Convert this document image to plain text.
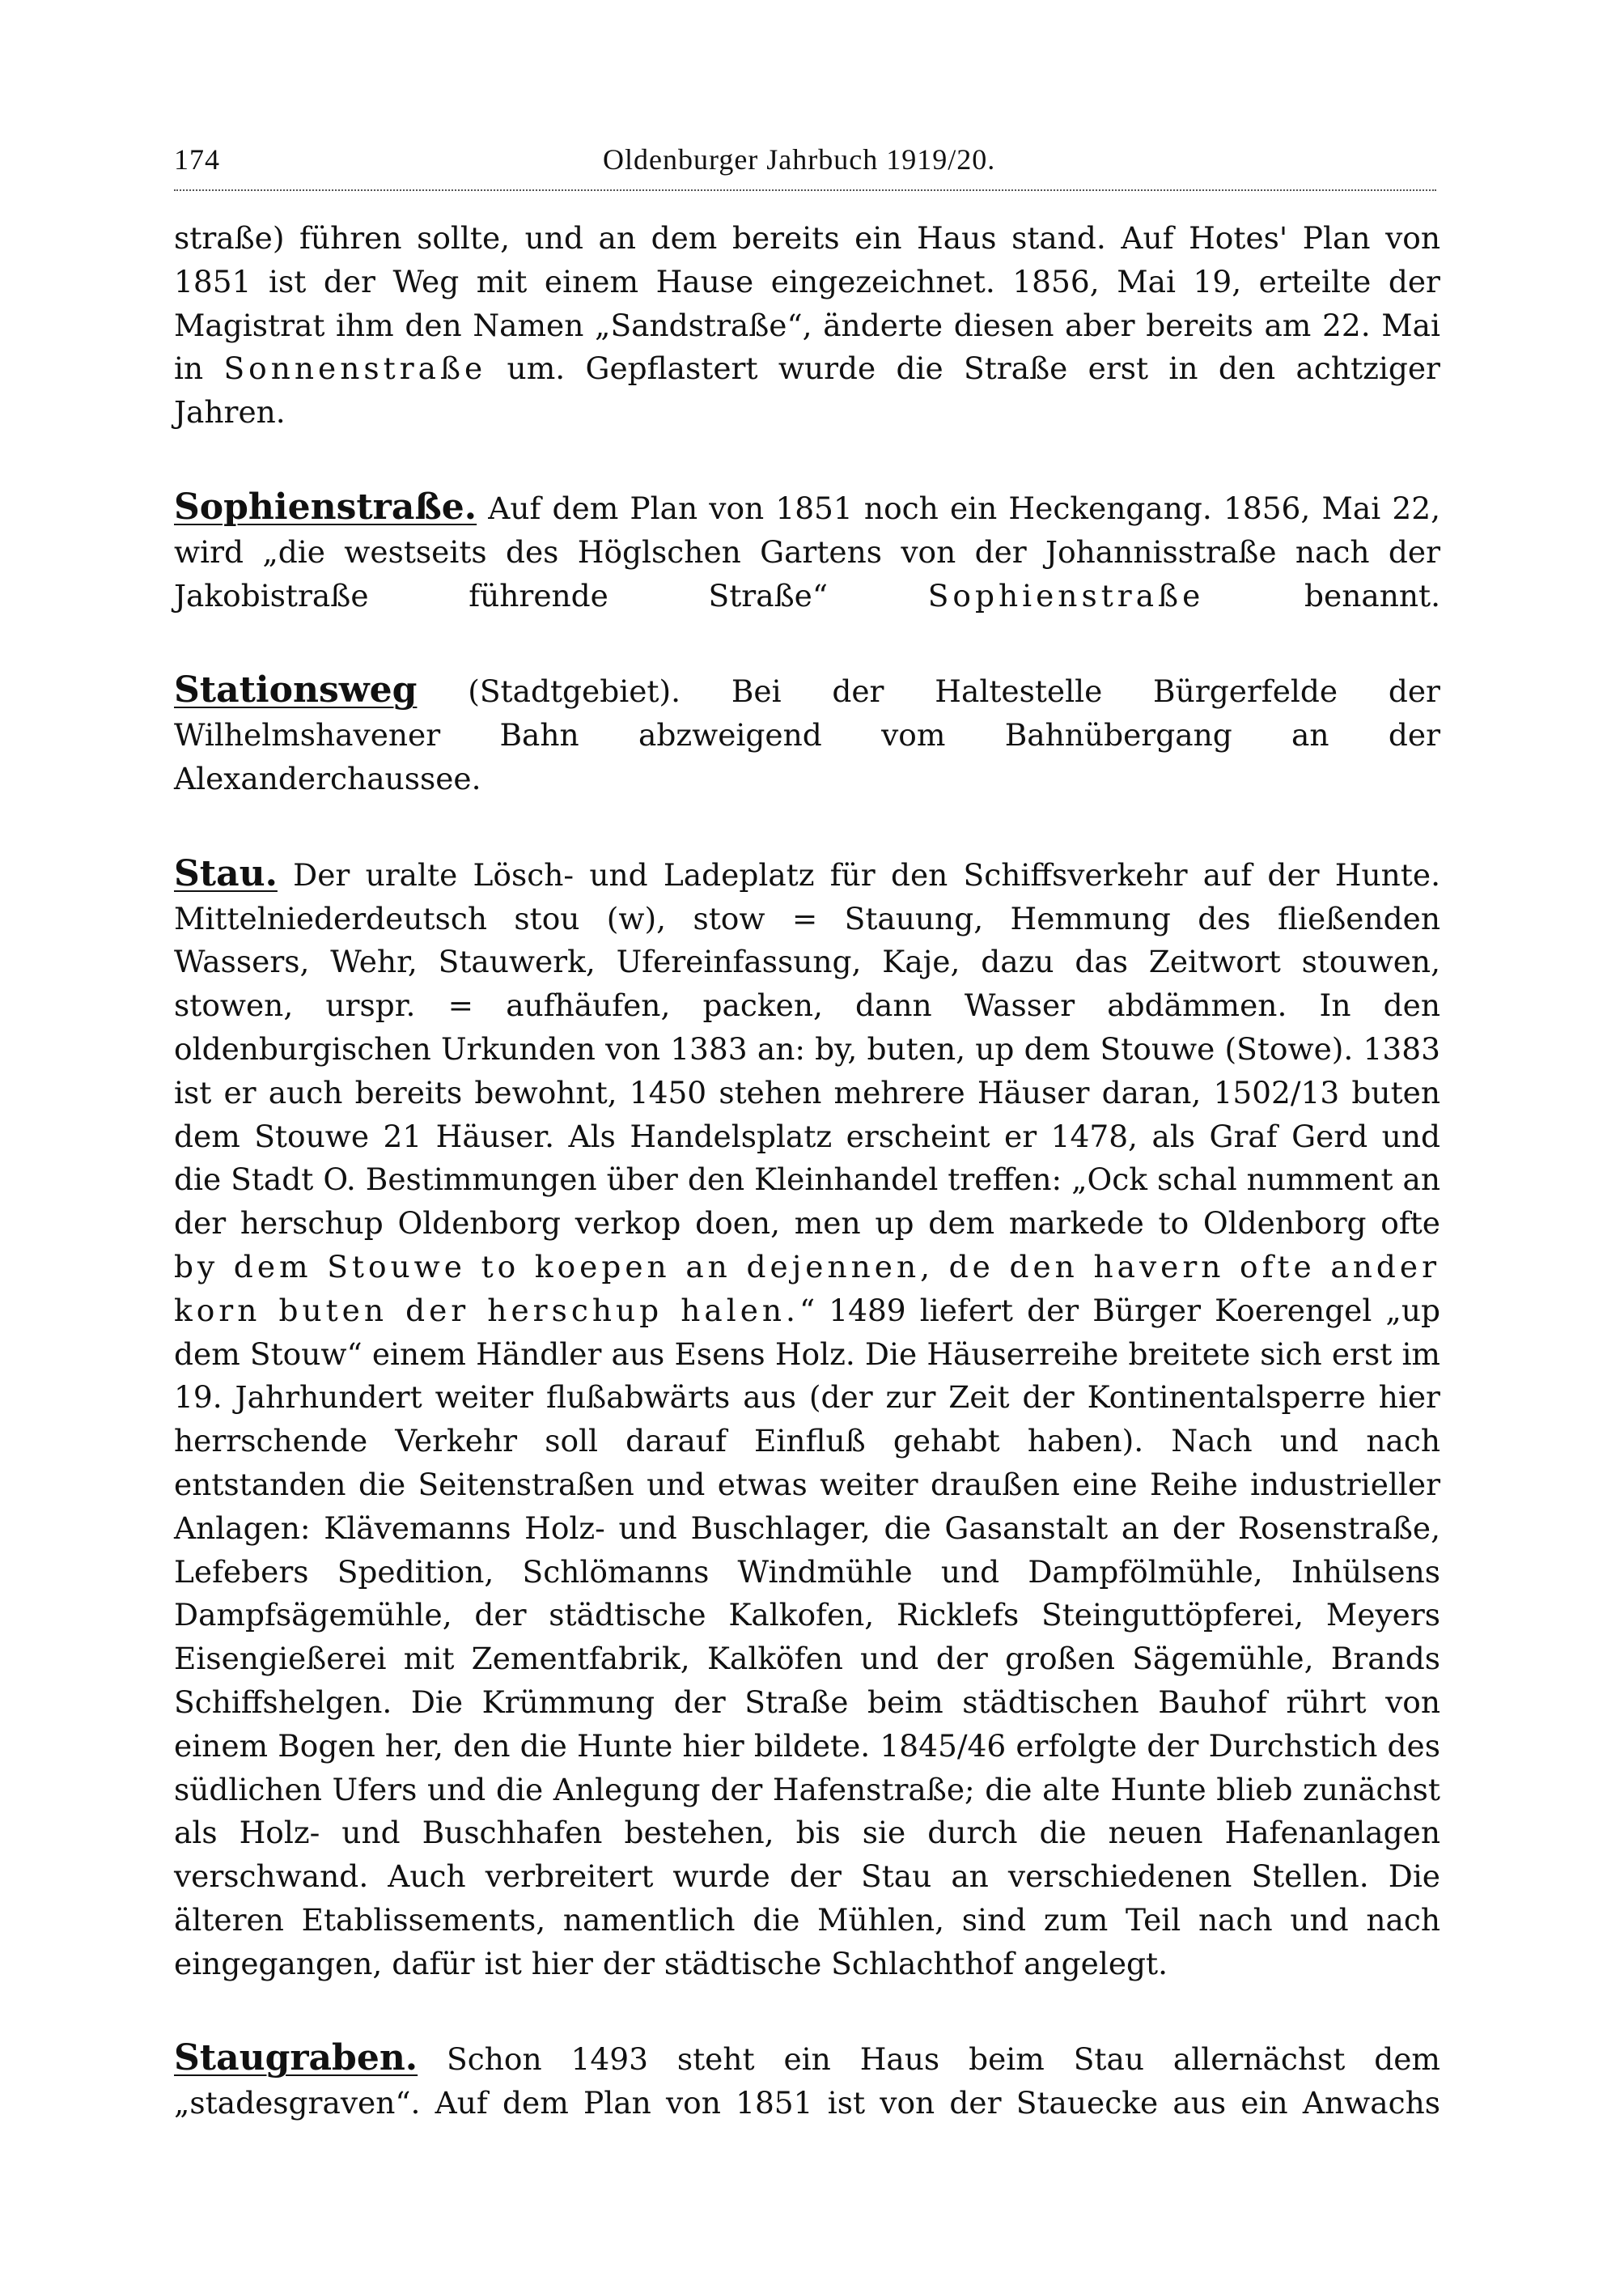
174	Oldenburger Jahrbuch 1919/20.

straße) führen sollte, und an dem bereits ein Haus stand. Auf Hotes' Plan von 1851 ist der Weg mit einem Hause eingezeichnet. 1856, Mai 19, erteilte der Magistrat ihm den Namen „Sandstraße“, änderte diesen aber bereits am 22. Mai in Sonnenstraße um. Gepflastert wurde die Straße erst in den achtziger Jahren.

Sophienstraße. Auf dem Plan von 1851 noch ein Heckengang. 1856, Mai 22, wird „die westseits des Höglschen Gartens von der Johannisstraße nach der Jakobistraße führende Straße“ Sophienstraße benannt.

Stationsweg (Stadtgebiet). Bei der Haltestelle Bürgerfelde der Wilhelmshavener Bahn abzweigend vom Bahnübergang an der Alexanderchaussee.

Stau. Der uralte Lösch- und Ladeplatz für den Schiffsverkehr auf der Hunte. Mittelniederdeutsch stou (w), stow = Stauung, Hemmung des fließenden Wassers, Wehr, Stauwerk, Ufereinfassung, Kaje, dazu das Zeitwort stouwen, stowen, urspr. = aufhäufen, packen, dann Wasser abdämmen. In den oldenburgischen Urkunden von 1383 an: by, buten, up dem Stouwe (Stowe). 1383 ist er auch bereits bewohnt, 1450 stehen mehrere Häuser daran, 1502/13 buten dem Stouwe 21 Häuser. Als Handelsplatz erscheint er 1478, als Graf Gerd und die Stadt O. Bestimmungen über den Kleinhandel treffen: „Ock schal numment an der herschup Oldenborg verkop doen, men up dem markede to Oldenborg ofte by dem Stouwe to koepen an dejennen, de den havern ofte ander korn buten der herschup halen.“ 1489 liefert der Bürger Koerengel „up dem Stouw“ einem Händler aus Esens Holz. Die Häuserreihe breitete sich erst im 19. Jahrhundert weiter flußabwärts aus (der zur Zeit der Kontinentalsperre hier herrschende Verkehr soll darauf Einfluß gehabt haben). Nach und nach entstanden die Seitenstraßen und etwas weiter draußen eine Reihe industrieller Anlagen: Klävemanns Holz- und Buschlager, die Gasanstalt an der Rosenstraße, Lefebers Spedition, Schlömanns Windmühle und Dampfölmühle, Inhülsens Dampfsägemühle, der städtische Kalkofen, Ricklefs Steinguttöpferei, Meyers Eisengießerei mit Zementfabrik, Kalköfen und der großen Sägemühle, Brands Schiffshelgen. Die Krümmung der Straße beim städtischen Bauhof rührt von einem Bogen her, den die Hunte hier bildete. 1845/46 erfolgte der Durchstich des südlichen Ufers und die Anlegung der Hafenstraße; die alte Hunte blieb zunächst als Holz- und Buschhafen bestehen, bis sie durch die neuen Hafenanlagen verschwand. Auch verbreitert wurde der Stau an verschiedenen Stellen. Die älteren Etablissements, namentlich die Mühlen, sind zum Teil nach und nach eingegangen, dafür ist hier der städtische Schlachthof angelegt.

Staugraben. Schon 1493 steht ein Haus beim Stau allernächst dem „stadesgraven“. Auf dem Plan von 1851 ist von der Stauecke aus ein Anwachs
